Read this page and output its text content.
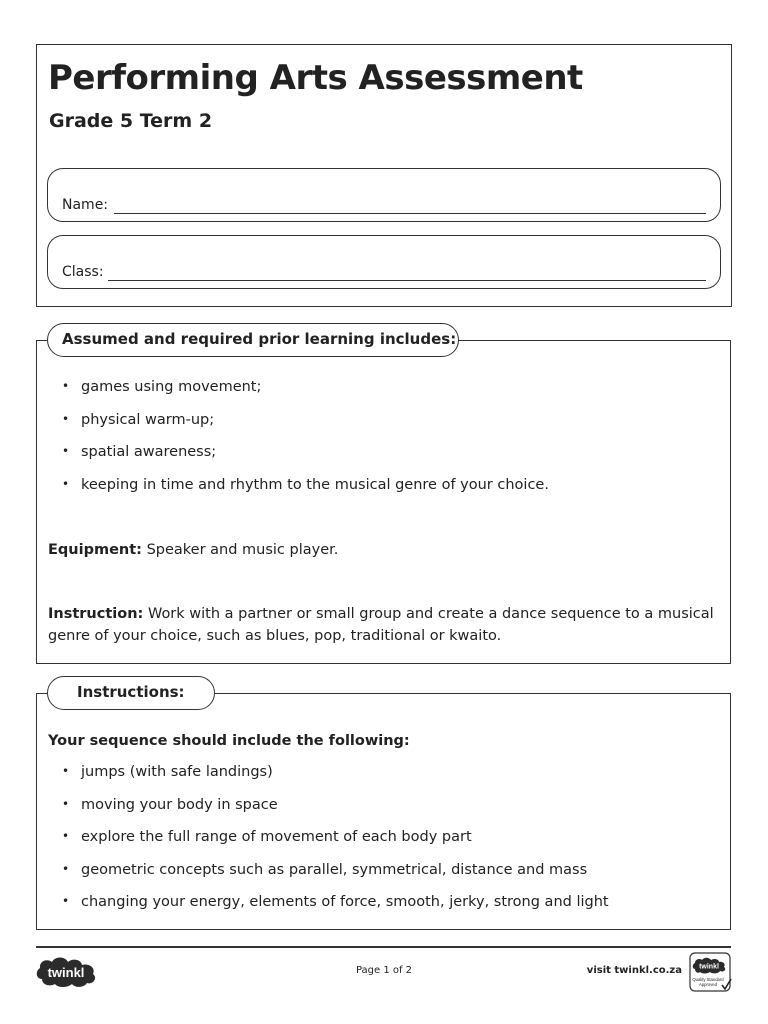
Performing Arts Assessment
Grade 5 Term 2
Name:
Class:
Assumed and required prior learning includes:
• games using movement;
• physical warm-up;
• spatial awareness;
• keeping in time and rhythm to the musical genre of your choice.

Equipment: Speaker and music player.

Instruction: Work with a partner or small group and create a dance sequence to a musical genre of your choice, such as blues, pop, traditional or kwaito.

Instructions:

Your sequence should include the following:

• jumps (with safe landings)
• moving your body in space
• explore the full range of movement of each body part
• geometric concepts such as parallel, symmetrical, distance and mass
• changing your energy, elements of force, smooth, jerky, strong and light
twinkl	Page 1 of 2	visit twinkl.co.za twinkl
Quality Standard
Approved
